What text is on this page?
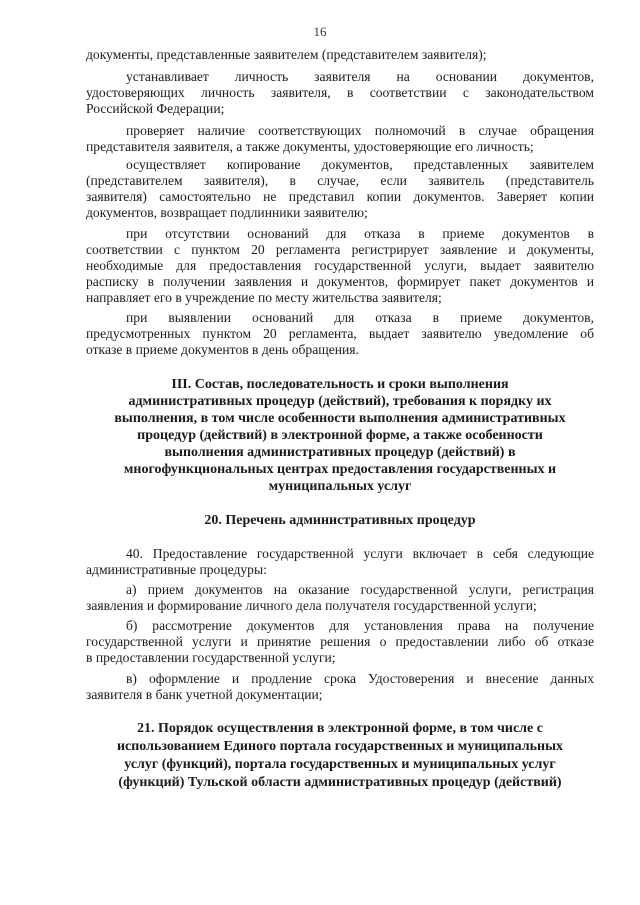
16
документы, представленные заявителем (представителем заявителя);
устанавливает личность заявителя на основании документов,
удостоверяющих личность заявителя, в соответствии с законодательством
Российской Федерации;
проверяет наличие соответствующих полномочий в случае обращения
представителя заявителя, а также документы, удостоверяющие его личность;
осуществляет копирование документов, представленных заявителем
(представителем заявителя), в случае, если заявитель (представитель
заявителя) самостоятельно не представил копии документов. Заверяет копии
документов, возвращает подлинники заявителю;
при отсутствии оснований для отказа в приеме документов в
соответствии с пунктом 20 регламента регистрирует заявление и документы,
необходимые для предоставления государственной услуги, выдает заявителю
расписку в получении заявления и документов, формирует пакет документов и
направляет его в учреждение по месту жительства заявителя;
при выявлении оснований для отказа в приеме документов,
предусмотренных пунктом 20 регламента, выдает заявителю уведомление об
отказе в приеме документов в день обращения.
III. Состав, последовательность и сроки выполнения
административных процедур (действий), требования к порядку их
выполнения, в том числе особенности выполнения административных
процедур (действий) в электронной форме, а также особенности
выполнения административных процедур (действий) в
многофункциональных центрах предоставления государственных и
муниципальных услуг
20. Перечень административных процедур
40. Предоставление государственной услуги включает в себя следующие
административные процедуры:
а) прием документов на оказание государственной услуги, регистрация
заявления и формирование личного дела получателя государственной услуги;
б) рассмотрение документов для установления права на получение
государственной услуги и принятие решения о предоставлении либо об отказе
в предоставлении государственной услуги;
в) оформление и продление срока Удостоверения и внесение данных
заявителя в банк учетной документации;
21. Порядок осуществления в электронной форме, в том числе с
использованием Единого портала государственных и муниципальных
услуг (функций), портала государственных и муниципальных услуг
(функций) Тульской области административных процедур (действий)
